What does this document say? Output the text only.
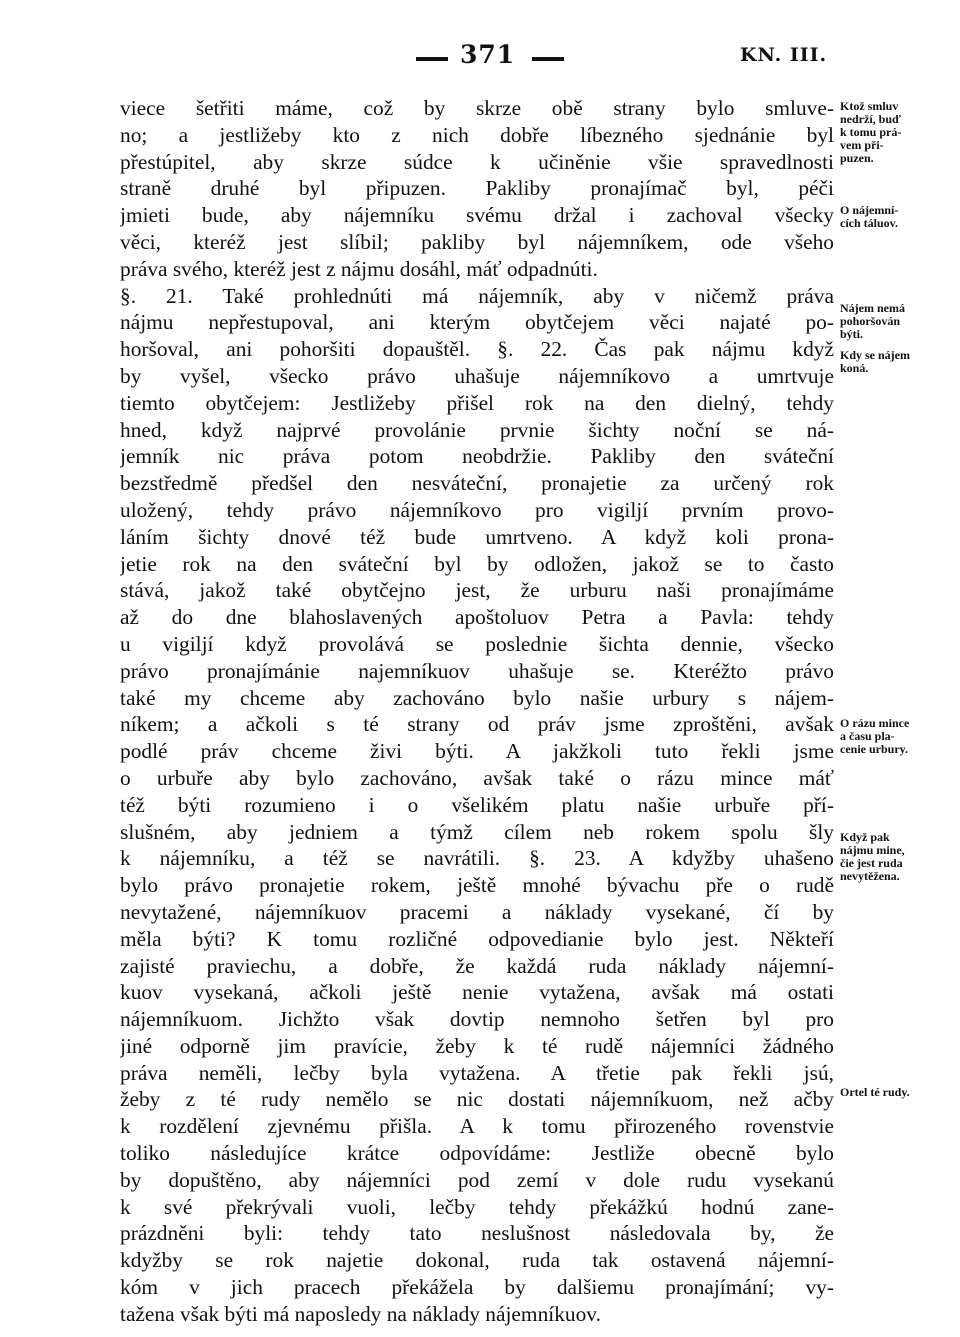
371	KN. III.
viece šetřiti máme, což by skrze obě strany bylo smluve-
no; a jestližeby kto z nich dobře líbezného sjednánie byl
přestúpitel, aby skrze súdce k učiněnie všie spravedlnosti
straně druhé byl připuzen. Pakliby pronajímač byl, péči
jmieti bude, aby nájemníku svému držal i zachoval všecky
věci, kteréž jest slíbil; pakliby byl nájemníkem, ode všeho
práva svého, kteréž jest z nájmu dosáhl, máť odpadnúti.
§. 21. Také prohlednúti má nájemník, aby v ničemž práva
nájmu nepřestupoval, ani kterým obytčejem věci najaté po-
horšoval, ani pohoršiti dopauštěl. §. 22. Čas pak nájmu když
by vyšel, všecko právo uhašuje nájemníkovo a umrtvuje
tiemto obytčejem: Jestližeby přišel rok na den dielný, tehdy
hned, když najprvé provolánie prvnie šichty noční se ná-
jemník nic práva potom neobdržie. Pakliby den sváteční
bezstředmě předšel den nesváteční, pronajetie za určený rok
uložený, tehdy právo nájemníkovo pro vigiljí prvním provo-
láním šichty dnové též bude umrtveno. A když koli prona-
jetie rok na den sváteční byl by odložen, jakož se to často
stává, jakož také obytčejno jest, že urburu naši pronajímáme
až do dne blahoslavených apoštoluov Petra a Pavla: tehdy
u vigiljí když provolává se poslednie šichta dennie, všecko
právo pronajímánie najemníkuov uhašuje se. Kteréžto právo
také my chceme aby zachováno bylo našie urbury s nájem-
níkem; a ačkoli s té strany od práv jsme zproštěni, avšak
podlé práv chceme živi býti. A jakžkoli tuto řekli jsme
o urbuře aby bylo zachováno, avšak také o rázu mince máť
též býti rozumieno i o všelikém platu našie urbuře pří-
slušném, aby jedniem a týmž cílem neb rokem spolu šly
k nájemníku, a též se navrátili. §. 23. A kdyžby uhašeno
bylo právo pronajetie rokem, ještě mnohé bývachu pře o rudě
nevytažené, nájemníkuov pracemi a náklady vysekané, čí by
měla býti? K tomu rozličné odpovedianie bylo jest. Někteří
zajisté praviechu, a dobře, že každá ruda náklady nájemní-
kuov vysekaná, ačkoli ještě nenie vytažena, avšak má ostati
nájemníkuom. Jichžto však dovtip nemnoho šetřen byl pro
jiné odporně jim pravície, žeby k té rudě nájemníci žádného
práva neměli, lečby byla vytažena. A třetie pak řekli jsú,
žeby z té rudy nemělo se nic dostati nájemníkuom, než ačby
k rozdělení zjevnému přišla. A k tomu přirozeného rovenstvie
toliko následujíce krátce odpovídáme: Jestliže obecně bylo
by dopuštěno, aby nájemníci pod zemí v dole rudu vysekanú
k své překrývali vuoli, lečby tehdy překážkú hodnú zane-
prázdněni byli: tehdy tato neslušnost následovala by, že
kdyžby se rok najetie dokonal, ruda tak ostavená nájemní-
kóm v jich pracech překážela by dalšiemu pronajímání; vy-
tažena však býti má naposledy na náklady nájemníkuov.
Ktož smluv
nedrží, buď
k tomu prá-
vem při-
puzen.
O nájemní-
cích táluov.
Nájem nemá
pohoršován
býti.
Kdy se nájem
koná.
O rázu mince
a času pla-
cenie urbury.
Když pak
nájmu mine,
čie jest ruda
nevytěžena.
Ortel té rudy.
